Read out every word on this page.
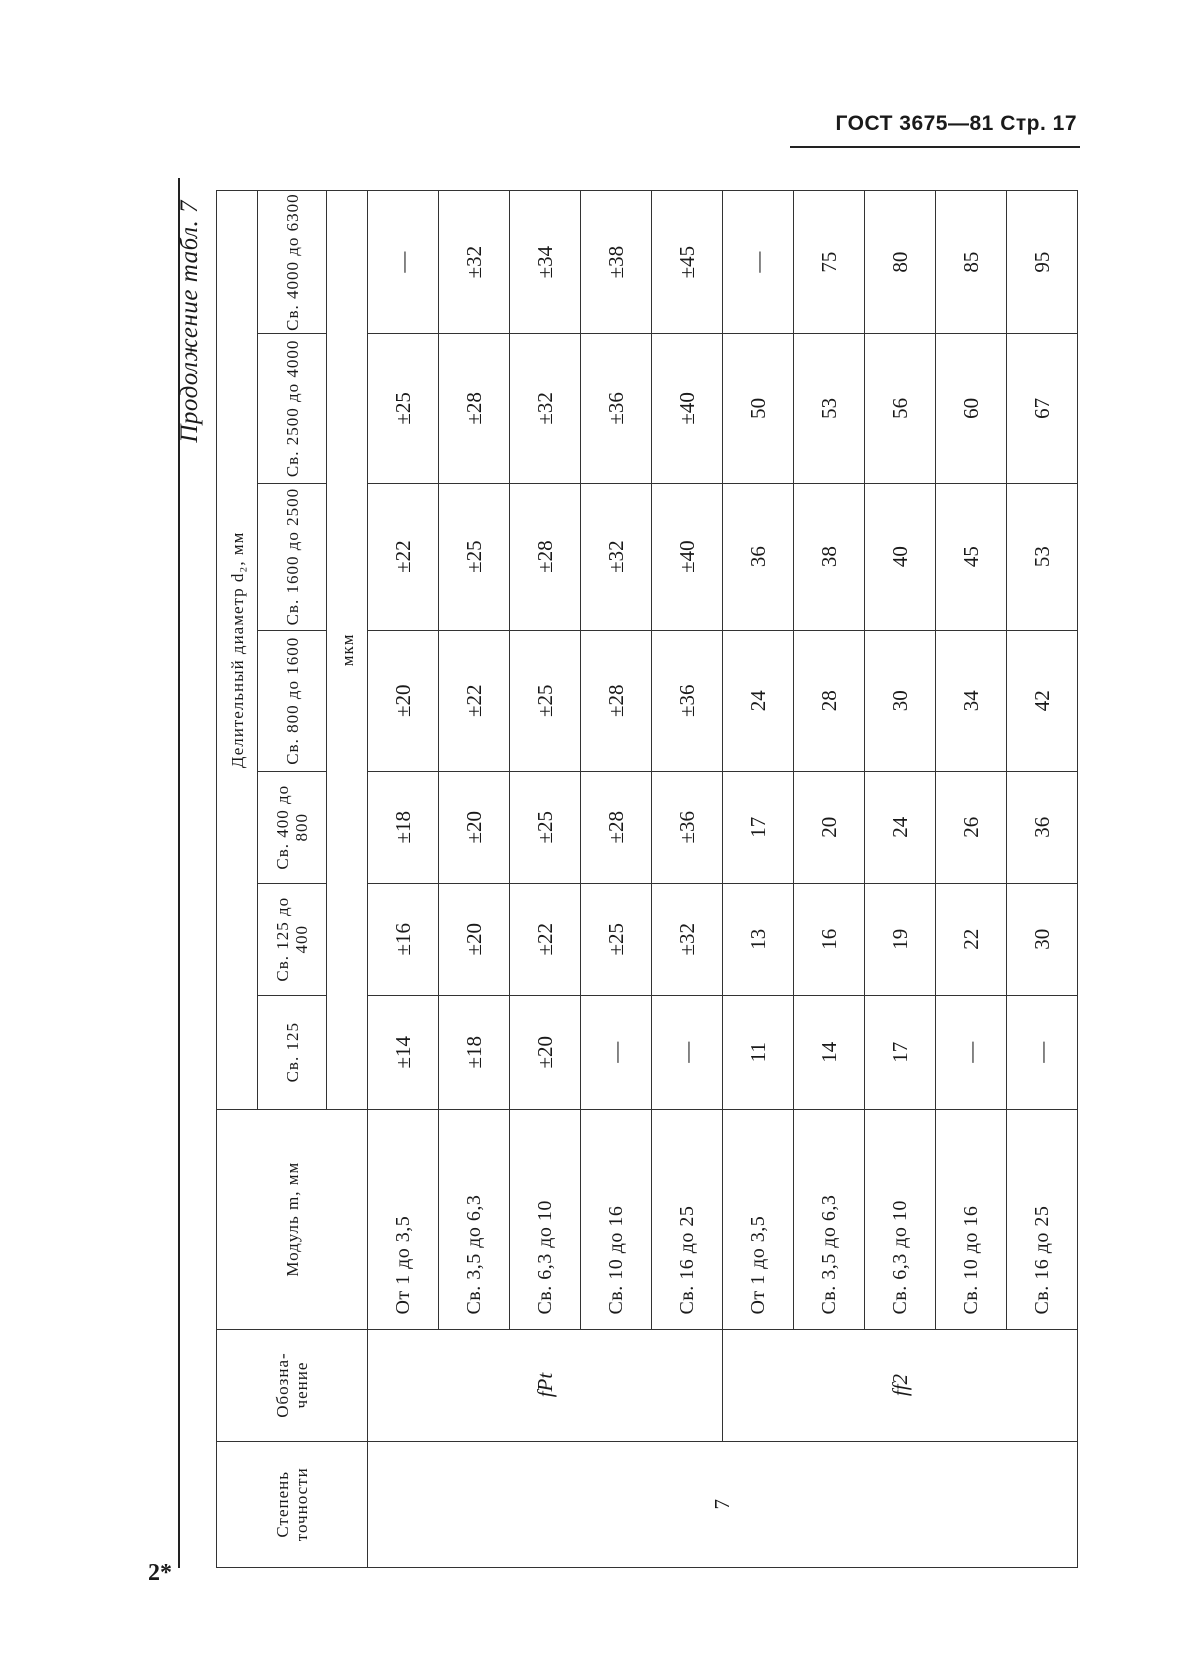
ГОСТ 3675—81 Стр. 17
2*
Продолжение табл. 7
Степень точности	Обозна-чение	Модуль m, мм	Делительный диаметр d₂, мм						
			Св. 125	Св. 125 до 400	Св. 400 до 800	Св. 800 до 1600	Св. 1600 до 2500	Св. 2500 до 4000	Св. 4000 до 6300
			мкм						
7	fPt	От 1 до 3,5	±14	±16	±18	±20	±22	±25	—
		Св. 3,5 до 6,3	±18	±20	±20	±22	±25	±28	±32
		Св. 6,3 до 10	±20	±22	±25	±25	±28	±32	±34
		Св. 10 до 16	—	±25	±28	±28	±32	±36	±38
		Св. 16 до 25	—	±32	±36	±36	±40	±40	±45
	ff2	От 1 до 3,5	11	13	17	24	36	50	—
		Св. 3,5 до 6,3	14	16	20	28	38	53	75
		Св. 6,3 до 10	17	19	24	30	40	56	80
		Св. 10 до 16	—	22	26	34	45	60	85
		Св. 16 до 25	—	30	36	42	53	67	95
